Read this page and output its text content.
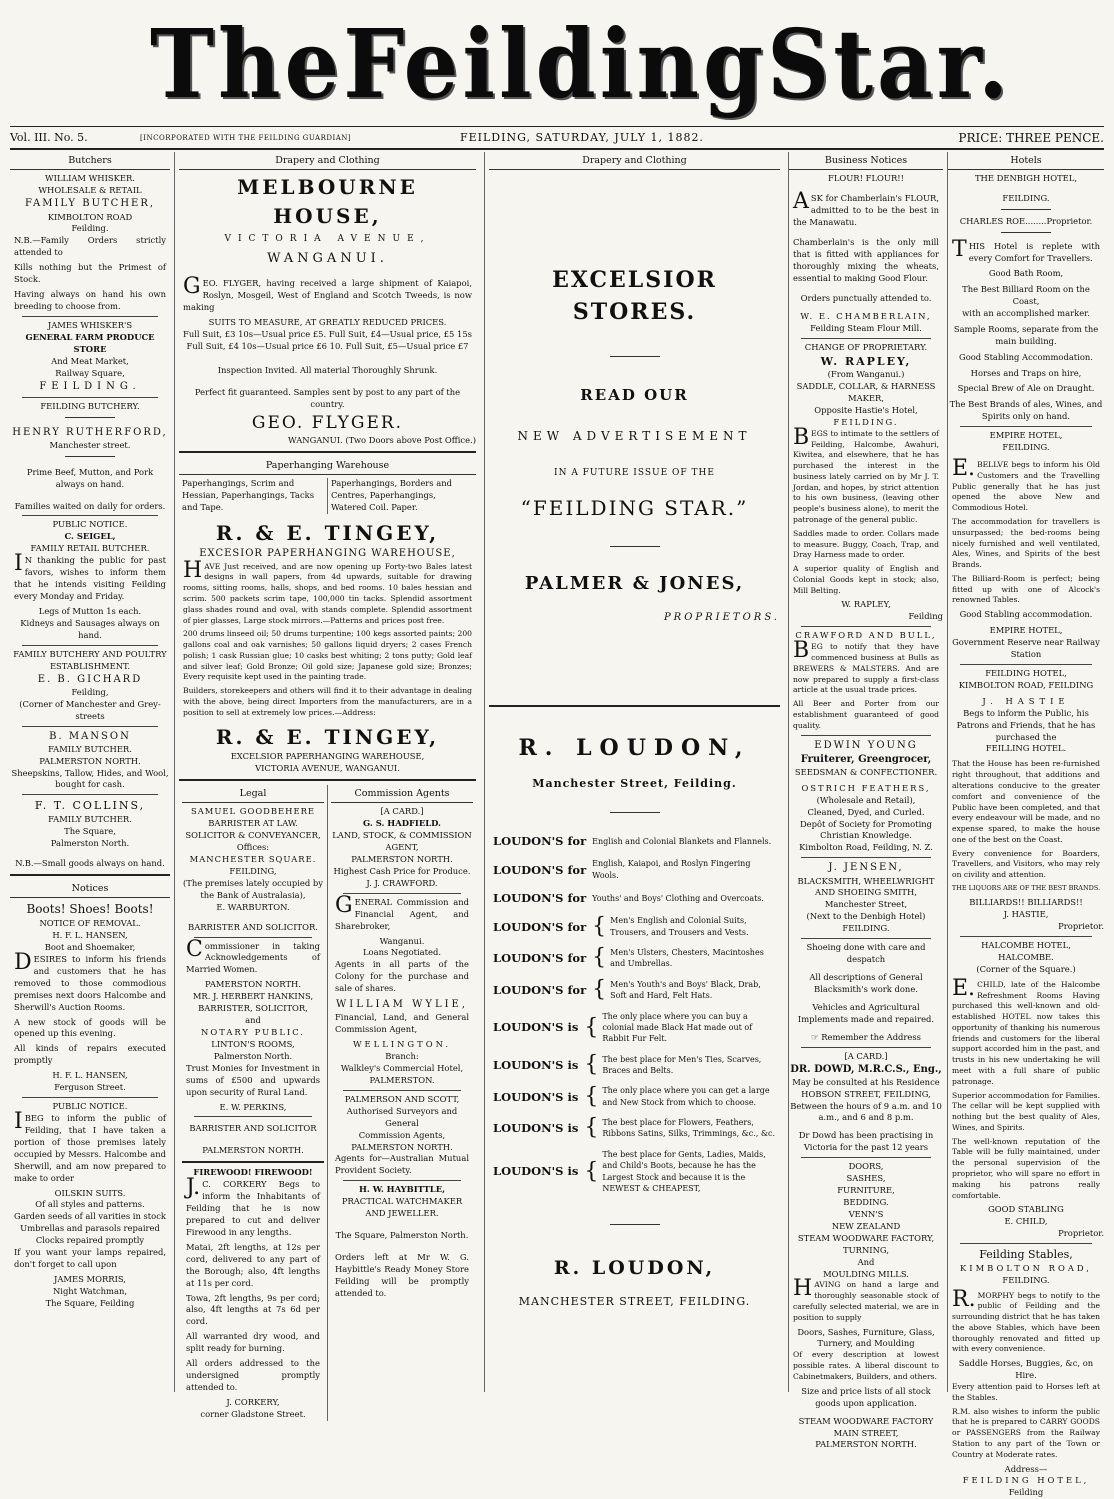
The Feilding Star.
Vol. III. No. 5.	[INCORPORATED WITH THE FEILDING GUARDIAN]	FEILDING, SATURDAY, JULY 1, 1882.	PRICE: THREE PENCE.
Butchers
WILLIAM WHISKER.
WHOLESALE & RETAIL
FAMILY BUTCHER,
KIMBOLTON ROAD
Feilding.

N.B.—Family Orders strictly attended to

Kills nothing but the Primest of Stock.

Having always on hand his own breeding to choose from.

JAMES WHISKER'S
GENERAL FARM PRODUCE STORE
And Meat Market,
Railway Square,
FEILDING.
FEILDING BUTCHERY.
HENRY RUTHERFORD,
Manchester street.
Prime Beef, Mutton, and Pork
always on hand.
Families waited on daily for orders.
PUBLIC NOTICE.
C. SEIGEL,
FAMILY RETAIL BUTCHER.

IN thanking the public for past favors, wishes to inform them that he intends visiting Feilding every Monday and Friday.

Legs of Mutton 1s each.
Kidneys and Sausages always on hand.
FAMILY BUTCHERY AND POULTRY ESTABLISHMENT.
E. B. GICHARD
Feilding,
(Corner of Manchester and Grey-streets
B. MANSON
FAMILY BUTCHER.
PALMERSTON NORTH.
Sheepskins, Tallow, Hides, and Wool,
bought for cash.
F. T. COLLINS,
FAMILY BUTCHER.
The Square,
Palmerston North.
N.B.—Small goods always on hand.
Notices
Boots! Shoes! Boots!
NOTICE OF REMOVAL.
H. F. L. HANSEN,
Boot and Shoemaker,

DESIRES to inform his friends and customers that he has removed to those commodious premises next doors Halcombe and Sherwill's Auction Rooms.

A new stock of goods will be opened up this evening.

All kinds of repairs executed promptly

H. F. L. HANSEN,
Ferguson Street.
PUBLIC NOTICE.

IBEG to inform the public of Feilding, that I have taken a portion of those premises lately occupied by Messrs. Halcombe and Sherwill, and am now prepared to make to order

OILSKIN SUITS.
Of all styles and patterns.
Garden seeds of all varities in stock
Umbrellas and parasols repaired
Clocks repaired promptly

If you want your lamps repaired, don't forget to call upon

JAMES MORRIS,
Night Watchman,
The Square, Feilding
Drapery and Clothing
MELBOURNE HOUSE,
VICTORIA AVENUE,
WANGANUI.

GEO. FLYGER, having received a large shipment of Kaiapoi, Roslyn, Mosgeil, West of England and Scotch Tweeds, is now making

SUITS TO MEASURE, AT GREATLY REDUCED PRICES.
Full Suit, £3 10s—Usual price £5. Full Suit, £4—Usual price, £5 15s
Full Suit, £4 10s—Usual price £6 10. Full Suit, £5—Usual price £7
Inspection Invited. All material Thoroughly Shrunk.
Perfect fit guaranteed. Samples sent by post to any part of the country.
GEO. FLYGER.
WANGANUI. (Two Doors above Post Office.)
Paperhanging Warehouse
Paperhangings, Scrim and Hessian, Paperhangings, Tacks and Tape.
Paperhangings, Borders and Centres, Paperhangings, Watered Coil. Paper.
R. & E. TINGEY,
EXCESIOR PAPERHANGING WAREHOUSE,

HAVE Just received, and are now opening up Forty-two Bales latest designs in wall papers, from 4d upwards, suitable for drawing rooms, sitting rooms, halls, shops, and bed rooms. 10 bales hessian and scrim. 500 packets scrim tape, 100,000 tin tacks. Splendid assortment glass shades round and oval, with stands complete. Splendid assortment of pier glasses, Large stock mirrors.—Patterns and prices post free.

200 drums linseed oil; 50 drums turpentine; 100 kegs assorted paints; 200 gallons coal and oak varnishes; 50 gallons liquid dryers; 2 cases French polish; 1 cask Russian glue; 10 casks best whiting; 2 tons putty; Gold leaf and silver leaf; Gold Bronze; Oil gold size; Japanese gold size; Bronzes; Every requisite kept used in the painting trade.

Builders, storekeepers and others will find it to their advantage in dealing with the above, being direct Importers from the manufacturers, are in a position to sell at extremely low prices.—Address:

R. & E. TINGEY,
EXCELSIOR PAPERHANGING WAREHOUSE,
VICTORIA AVENUE, WANGANUI.
Legal
SAMUEL GOODBEHERE
BARRISTER AT LAW.
SOLICITOR & CONVEYANCER,
Offices:
MANCHESTER SQUARE.
FEILDING,
(The premises lately occupied by the Bank of Australasia),
E. WARBURTON.
BARRISTER AND SOLICITOR.

Commissioner in taking Acknowledgements of Married Women.

PAMERSTON NORTH.
MR. J. HERBERT HANKINS,
BARRISTER, SOLICITOR,
and
NOTARY PUBLIC.
LINTON'S ROOMS,
Palmerston North.

Trust Monies for Investment in sums of £500 and upwards upon security of Rural Land.

E. W. PERKINS,
BARRISTER AND SOLICITOR
PALMERSTON NORTH.
FIREWOOD! FIREWOOD!

J.C. CORKERY Begs to inform the Inhabitants of Feilding that he is now prepared to cut and deliver Firewood in any lengths.

Matai, 2ft lengths, at 12s per cord, delivered to any part of the Borough; also, 4ft lengths at 11s per cord.

Towa, 2ft lengths, 9s per cord; also, 4ft lengths at 7s 6d per cord.

All warranted dry wood, and split ready for burning.

All orders addressed to the undersigned promptly attended to.

J. CORKERY,
corner Gladstone Street.
Commission Agents
[A CARD.]
G. S. HADFIELD.
LAND, STOCK, & COMMISSION AGENT,
PALMERSTON NORTH.
Highest Cash Price for Produce.
J. J. CRAWFORD.

GENERAL Commission and Financial Agent, and Sharebroker,

Wanganui.
Loans Negotiated.

Agents in all parts of the Colony for the purchase and sale of shares.

WILLIAM WYLIE,

Financial, Land, and General Commission Agent,

WELLINGTON.
Branch:
Walkley's Commercial Hotel,
PALMERSTON.
PALMERSON AND SCOTT,
Authorised Surveyors and General
Commission Agents,
PALMERSTON NORTH.

Agents for—Australian Mutual Provident Society.

H. W. HAYBITTLE,
PRACTICAL WATCHMAKER AND JEWELLER.
The Square, Palmerston North.

Orders left at Mr W. G. Haybittle's Ready Money Store Feilding will be promptly attended to.

Drapery and Clothing
EXCELSIOR STORES.
READ OUR
NEW ADVERTISEMENT
IN A FUTURE ISSUE OF THE
“FEILDING STAR.”
PALMER & JONES,
PROPRIETORS.
R. LOUDON,
Manchester Street, Feilding.
LOUDON'S for English and Colonial Blankets and Flannels.
LOUDON'S for English, Kaiapoi, and Roslyn Fingering Wools.
LOUDON'S for Youths' and Boys' Clothing and Overcoats.
LOUDON'S for { Men's English and Colonial Suits, Trousers, and Trousers and Vests.
LOUDON'S for { Men's Ulsters, Chesters, Macintoshes and Umbrellas.
LOUDON'S for { Men's Youth's and Boys' Black, Drab, Soft and Hard, Felt Hats.
LOUDON'S is { The only place where you can buy a colonial made Black Hat made out of Rabbit Fur Felt.
LOUDON'S is { The best place for Men's Ties, Scarves, Braces and Belts.
LOUDON'S is { The only place where you can get a large and New Stock from which to choose.
LOUDON'S is { The best place for Flowers, Feathers, Ribbons Satins, Silks, Trimmings, &c., &c.
LOUDON'S is {
The best place for Gents, Ladies, Maids, and Child's Boots, because he has the Largest Stock and because it is the NEWEST & CHEAPEST,
R. LOUDON,
MANCHESTER STREET, FEILDING.
Business Notices
FLOUR! FLOUR!!

ASK for Chamberlain's FLOUR, admitted to to be the best in the Manawatu.

Chamberlain's is the only mill that is fitted with appliances for thoroughly mixing the wheats, essential to making Good Flour.

Orders punctually attended to.
W. E. CHAMBERLAIN,
Feilding Steam Flour Mill.
CHANGE OF PROPRIETARY.
W. RAPLEY,
(From Wanganui.)
SADDLE, COLLAR, & HARNESS MAKER,
Opposite Hastie's Hotel,
FEILDING.

BEGS to intimate to the settlers of Feilding, Halcombe, Awahuri, Kiwitea, and elsewhere, that he has purchased the interest in the business lately carried on by Mr J. T. Jordan, and hopes, by strict attention to his own business, (leaving other people's business alone), to merit the patronage of the general public.

Saddles made to order. Collars made to measure. Buggy, Coach, Trap, and Dray Harness made to order.

A superior quality of English and Colonial Goods kept in stock; also, Mill Belting.

W. RAPLEY,
Feilding
CRAWFORD AND BULL,

BEG to notify that they have commenced business at Bulls as BREWERS & MALSTERS. And are now prepared to supply a first-class article at the usual trade prices.

All Beer and Porter from our establishment guaranteed of good quality.

EDWIN YOUNG
Fruiterer, Greengrocer,
SEEDSMAN & CONFECTIONER.
OSTRICH FEATHERS,
(Wholesale and Retail),
Cleaned, Dyed, and Curled.
Depôt of Society for Promoting Christian Knowledge.
Kimbolton Road, Feilding, N. Z.
J. JENSEN,
BLACKSMITH, WHEELWRIGHT AND SHOEING SMITH,
Manchester Street,
(Next to the Denbigh Hotel)
FEILDING.
Shoeing done with care and despatch
All descriptions of General Blacksmith's work done.
Vehicles and Agricultural Implements made and repaired.
☞ Remember the Address
[A CARD.]
DR. DOWD, M.R.C.S., Eng.,
May be consulted at his Residence
HOBSON STREET, FEILDING,
Between the hours of 9 a.m. and 10 a.m., and 6 and 8 p.m.
Dr Dowd has been practising in Victoria for the past 12 years
DOORS,
SASHES,
FURNITURE,
BEDDING.
VENN'S
NEW ZEALAND
STEAM WOODWARE FACTORY,
TURNING,
And
MOULDING MILLS.

HAVING on hand a large and thoroughly seasonable stock of carefully selected material, we are in position to supply

Doors, Sashes, Furniture, Glass, Turnery, and Moulding

Of every description at lowest possible rates. A liberal discount to Cabinetmakers, Builders, and others.

Size and price lists of all stock goods upon application.
STEAM WOODWARE FACTORY
MAIN STREET,
PALMERSTON NORTH.
Hotels
THE DENBIGH HOTEL,
FEILDING.
CHARLES ROE........Proprietor.

THIS Hotel is replete with every Comfort for Travellers.

Good Bath Room,
The Best Billiard Room on the Coast,
with an accomplished marker.
Sample Rooms, separate from the main building.
Good Stabling Accommodation.
Horses and Traps on hire,
Special Brew of Ale on Draught.
The Best Brands of ales, Wines, and Spirits only on hand.
EMPIRE HOTEL,
FEILDING.

E.BELLVE begs to inform his Old Customers and the Travelling Public generally that he has just opened the above New and Commodious Hotel.

The accommodation for travellers is unsurpassed; the bed-rooms being nicely furnished and well ventilated, Ales, Wines, and Spirits of the best Brands.

The Billiard-Room is perfect; being fitted up with one of Alcock's renowned Tables.

Good Stabling accommodation.
EMPIRE HOTEL,
Government Reserve near Railway Station
FEILDING HOTEL,
KIMBOLTON ROAD, FEILDING
J. HASTIE
Begs to inform the Public, his Patrons and Friends, that he has purchased the
FEILLING HOTEL.

That the House has been re-furnished right throughout, that additions and alterations conducive to the greater comfort and convenience of the Public have been completed, and that every endeavour will be made, and no expense spared, to make the house one of the best on the Coast.

Every convenience for Boarders, Travellers, and Visitors, who may rely on civility and attention.

THE LIQUORS ARE OF THE BEST BRANDS.
BILLIARDS!! BILLIARDS!!
J. HASTIE,
Proprietor.
HALCOMBE HOTEL,
HALCOMBE.
(Corner of the Square.)

E.CHILD, late of the Halcombe Refreshment Rooms Having purchased this well-known and old-established HOTEL now takes this opportunity of thanking his numerous friends and customers for the liberal support accorded him in the past, and trusts in his new undertaking he will meet with a full share of public patronage.

Superior accommodation for Families. The cellar will be kept supplied with nothing but the best quality of Ales, Wines, and Spirits.

The well-known reputation of the Table will be fully maintained, under the personal supervision of the proprietor, who will spare no effort in making his patrons really comfortable.

GOOD STABLING
E. CHILD,
Proprietor.
Feilding Stables,
KIMBOLTON ROAD,
FEILDING.

R.MORPHY begs to notify to the public of Feilding and the surrounding district that he has taken the above Stables, which have been thoroughly renovated and fitted up with every convenience.

Saddle Horses, Buggies, &c, on Hire.

Every attention paid to Horses left at the Stables.

R.M. also wishes to inform the public that he is prepared to CARRY GOODS or PASSENGERS from the Railway Station to any part of the Town or Country at Moderate rates.

Address—
FEILDING HOTEL,
Feilding
